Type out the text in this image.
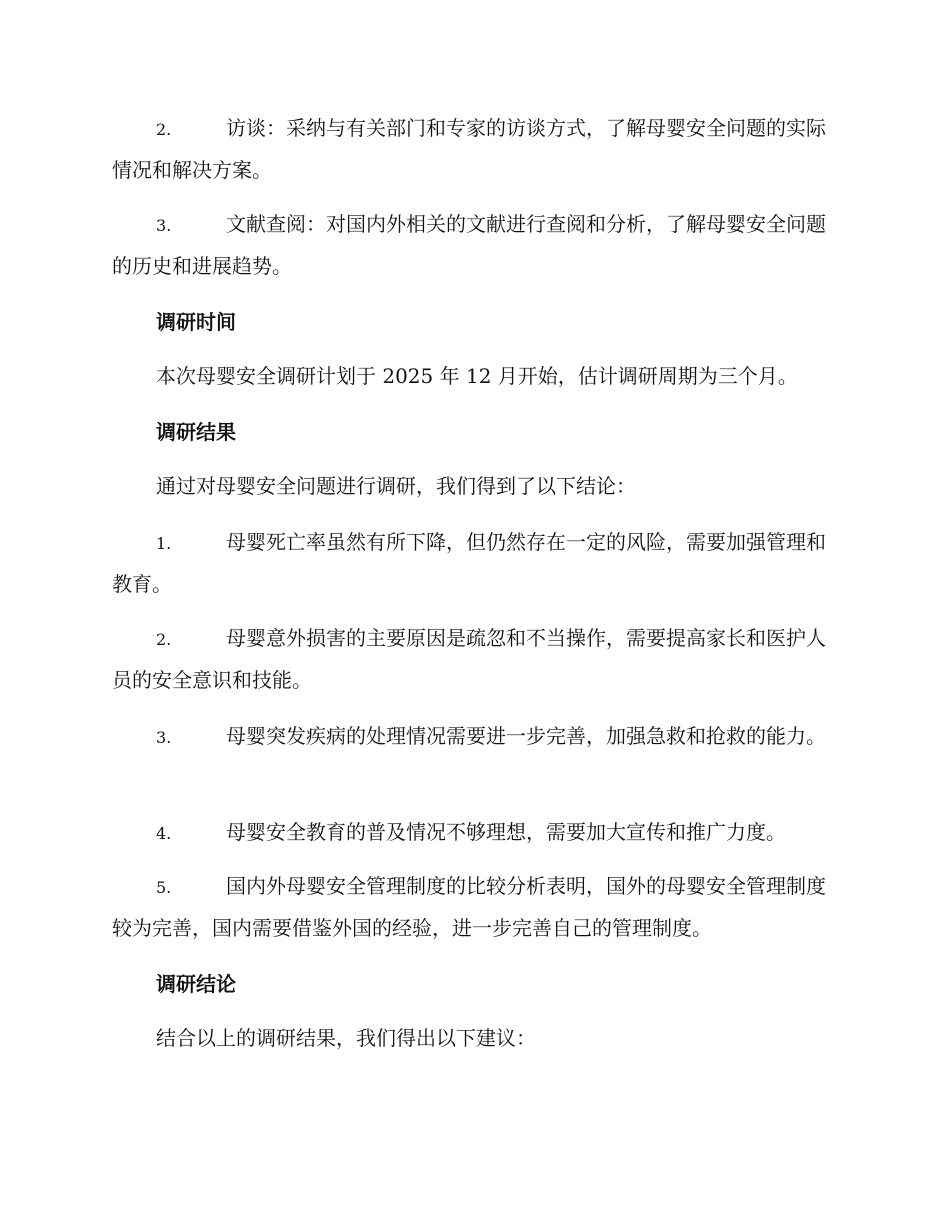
2.	访谈：采纳与有关部门和专家的访谈方式，了解母婴安全问题的实际情况和解决方案。
3.	文献查阅：对国内外相关的文献进行查阅和分析，了解母婴安全问题的历史和进展趋势。
调研时间
本次母婴安全调研计划于 2025 年 12 月开始，估计调研周期为三个月。
调研结果
通过对母婴安全问题进行调研，我们得到了以下结论：
1.	母婴死亡率虽然有所下降，但仍然存在一定的风险，需要加强管理和教育。
2.	母婴意外损害的主要原因是疏忽和不当操作，需要提高家长和医护人员的安全意识和技能。
3.	母婴突发疾病的处理情况需要进一步完善，加强急救和抢救的能力。
4.	母婴安全教育的普及情况不够理想，需要加大宣传和推广力度。
5.	国内外母婴安全管理制度的比较分析表明，国外的母婴安全管理制度较为完善，国内需要借鉴外国的经验，进一步完善自己的管理制度。
调研结论
结合以上的调研结果，我们得出以下建议：
